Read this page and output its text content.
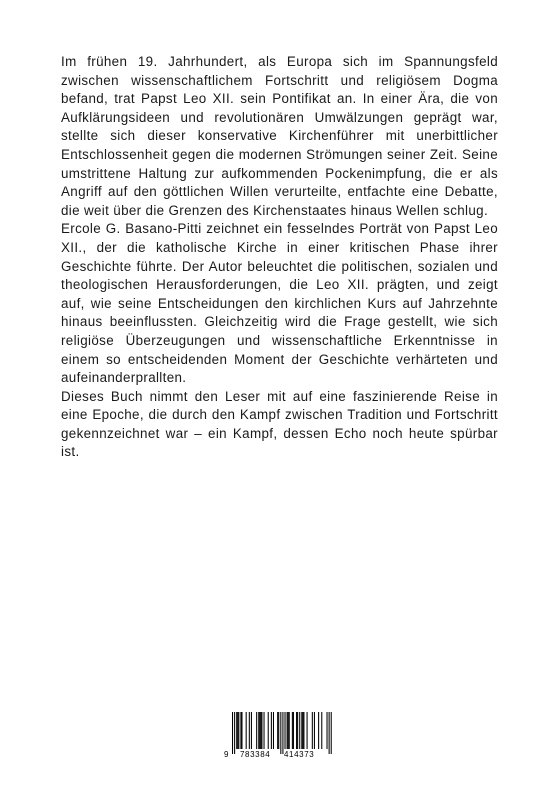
Im frühen 19. Jahrhundert, als Europa sich im Spannungsfeld zwischen wissenschaftlichem Fortschritt und religiösem Dogma befand, trat Papst Leo XII. sein Pontifikat an. In einer Ära, die von Aufklärungsideen und revolutionären Umwälzungen geprägt war, stellte sich dieser konservative Kirchenführer mit unerbittlicher Entschlossenheit gegen die modernen Strömungen seiner Zeit. Seine umstrittene Haltung zur aufkommenden Pockenimpfung, die er als Angriff auf den göttlichen Willen verurteilte, entfachte eine Debatte, die weit über die Grenzen des Kirchenstaates hinaus Wellen schlug.

Ercole G. Basano-Pitti zeichnet ein fesselndes Porträt von Papst Leo XII., der die katholische Kirche in einer kritischen Phase ihrer Geschichte führte. Der Autor beleuchtet die politischen, sozialen und theologischen Herausforderungen, die Leo XII. prägten, und zeigt auf, wie seine Entscheidungen den kirchlichen Kurs auf Jahrzehnte hinaus beeinflussten. Gleichzeitig wird die Frage gestellt, wie sich religiöse Überzeugungen und wissenschaftliche Erkenntnisse in einem so entscheidenden Moment der Geschichte verhärteten und aufeinanderprallten.

Dieses Buch nimmt den Leser mit auf eine faszinierende Reise in eine Epoche, die durch den Kampf zwischen Tradition und Fortschritt gekennzeichnet war – ein Kampf, dessen Echo noch heute spürbar ist.

9 783384 414373
